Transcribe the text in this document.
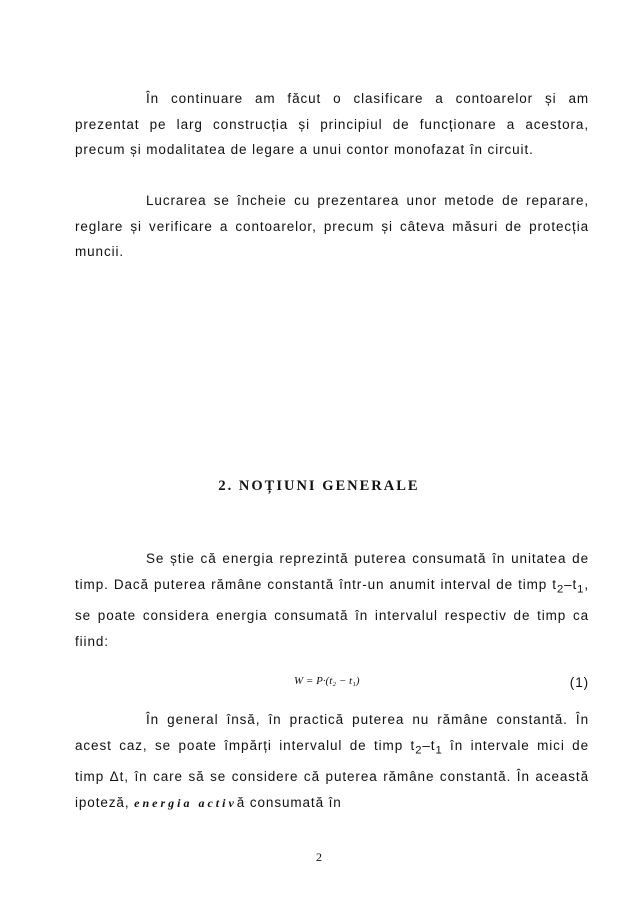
În continuare am făcut o clasificare a contoarelor și am prezentat pe larg construcția și principiul de funcționare a acestora, precum și modalitatea de legare a unui contor monofazat în circuit.

Lucrarea se încheie cu prezentarea unor metode de reparare, reglare și verificare a contoarelor, precum și câteva măsuri de protecția muncii.

2. NOȚIUNI GENERALE

Se știe că energia reprezintă puterea consumată în unitatea de timp. Dacă puterea rămâne constantă într-un anumit interval de timp $t_2-t_1$, se poate considera energia consumată în intervalul respectiv de timp ca fiind:

W = P·(t₂ − t₁)	(1)

În general însă, în practică puterea nu rămâne constantă. În acest caz, se poate împărți intervalul de timp $t_2-t_1$ în intervale mici de timp Δt, în care să se considere că puterea rămâne constantă. În această ipoteză, energia activă consumată în

2
